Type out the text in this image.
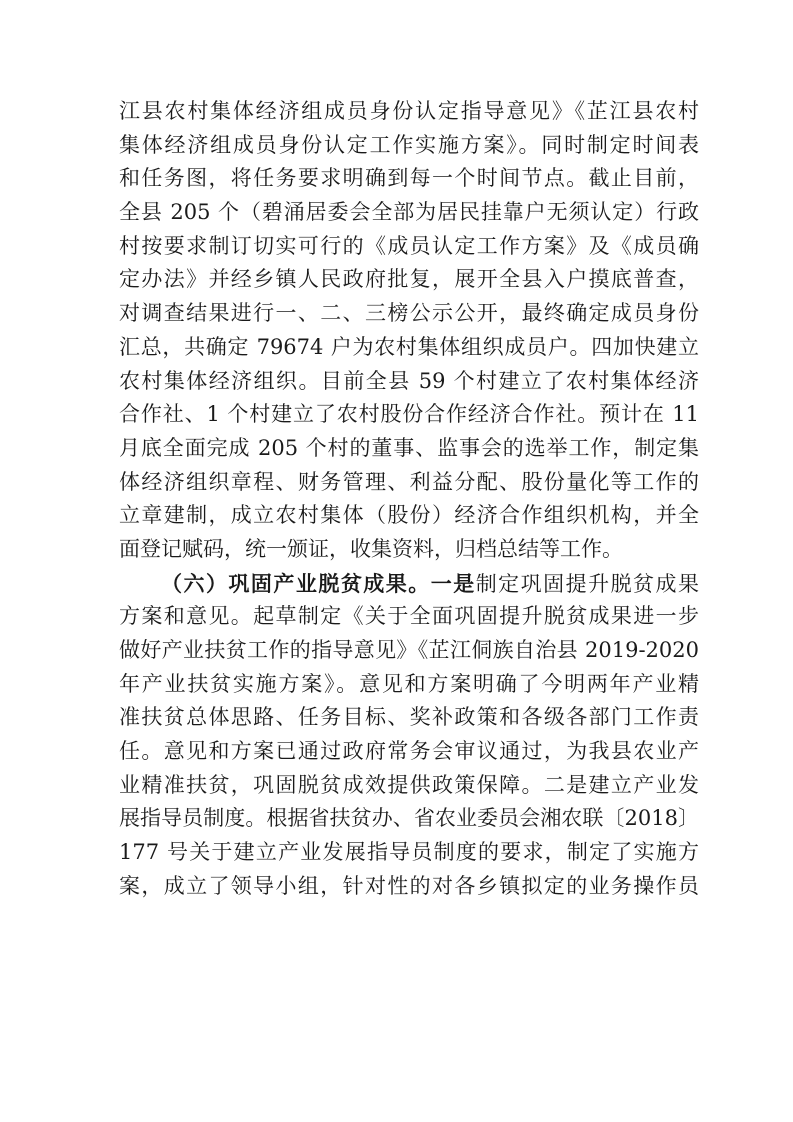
江县农村集体经济组成员身份认定指导意见》《芷江县农村
集体经济组成员身份认定工作实施方案》。同时制定时间表
和任务图，将任务要求明确到每一个时间节点。截止目前，
全县 205 个（碧涌居委会全部为居民挂靠户无须认定）行政
村按要求制订切实可行的《成员认定工作方案》及《成员确
定办法》并经乡镇人民政府批复，展开全县入户摸底普查，
对调查结果进行一、二、三榜公示公开，最终确定成员身份
汇总，共确定 79674 户为农村集体组织成员户。四加快建立
农村集体经济组织。目前全县 59 个村建立了农村集体经济
合作社、1 个村建立了农村股份合作经济合作社。预计在 11
月底全面完成 205 个村的董事、监事会的选举工作，制定集
体经济组织章程、财务管理、利益分配、股份量化等工作的
立章建制，成立农村集体（股份）经济合作组织机构，并全
面登记赋码，统一颁证，收集资料，归档总结等工作。
（六）巩固产业脱贫成果。一是制定巩固提升脱贫成果
方案和意见。起草制定《关于全面巩固提升脱贫成果进一步
做好产业扶贫工作的指导意见》《芷江侗族自治县 2019-2020
年产业扶贫实施方案》。意见和方案明确了今明两年产业精
准扶贫总体思路、任务目标、奖补政策和各级各部门工作责
任。意见和方案已通过政府常务会审议通过，为我县农业产
业精准扶贫，巩固脱贫成效提供政策保障。二是建立产业发
展指导员制度。根据省扶贫办、省农业委员会湘农联〔2018〕
177 号关于建立产业发展指导员制度的要求，制定了实施方
案，成立了领导小组，针对性的对各乡镇拟定的业务操作员
